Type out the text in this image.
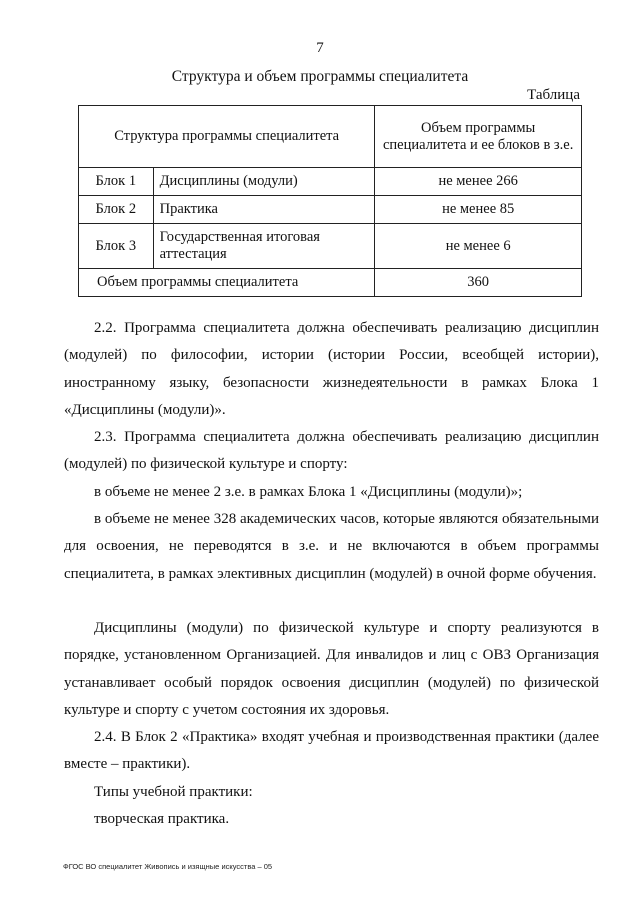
7
Структура и объем программы специалитета
Таблица
Структура программы специалитета		Объем программы специалитета и ее блоков в з.е.
Блок 1	Дисциплины (модули)	не менее 266
Блок 2	Практика	не менее 85
Блок 3	Государственная итоговая аттестация	не менее 6
Объем программы специалитета		360

2.2. Программа специалитета должна обеспечивать реализацию дисциплин (модулей) по философии, истории (истории России, всеобщей истории), иностранному языку, безопасности жизнедеятельности в рамках Блока 1 «Дисциплины (модули)».

2.3. Программа специалитета должна обеспечивать реализацию дисциплин (модулей) по физической культуре и спорту:

в объеме не менее 2 з.е. в рамках Блока 1 «Дисциплины (модули)»;

в объеме не менее 328 академических часов, которые являются обязательными для освоения, не переводятся в з.е. и не включаются в объем программы специалитета, в рамках элективных дисциплин (модулей) в очной форме обучения.

Дисциплины (модули) по физической культуре и спорту реализуются в порядке, установленном Организацией. Для инвалидов и лиц с ОВЗ Организация устанавливает особый порядок освоения дисциплин (модулей) по физической культуре и спорту с учетом состояния их здоровья.

2.4. В Блок 2 «Практика» входят учебная и производственная практики (далее вместе – практики).

Типы учебной практики:

творческая практика.

ФГОС ВО специалитет Живопись и изящные искусства – 05
